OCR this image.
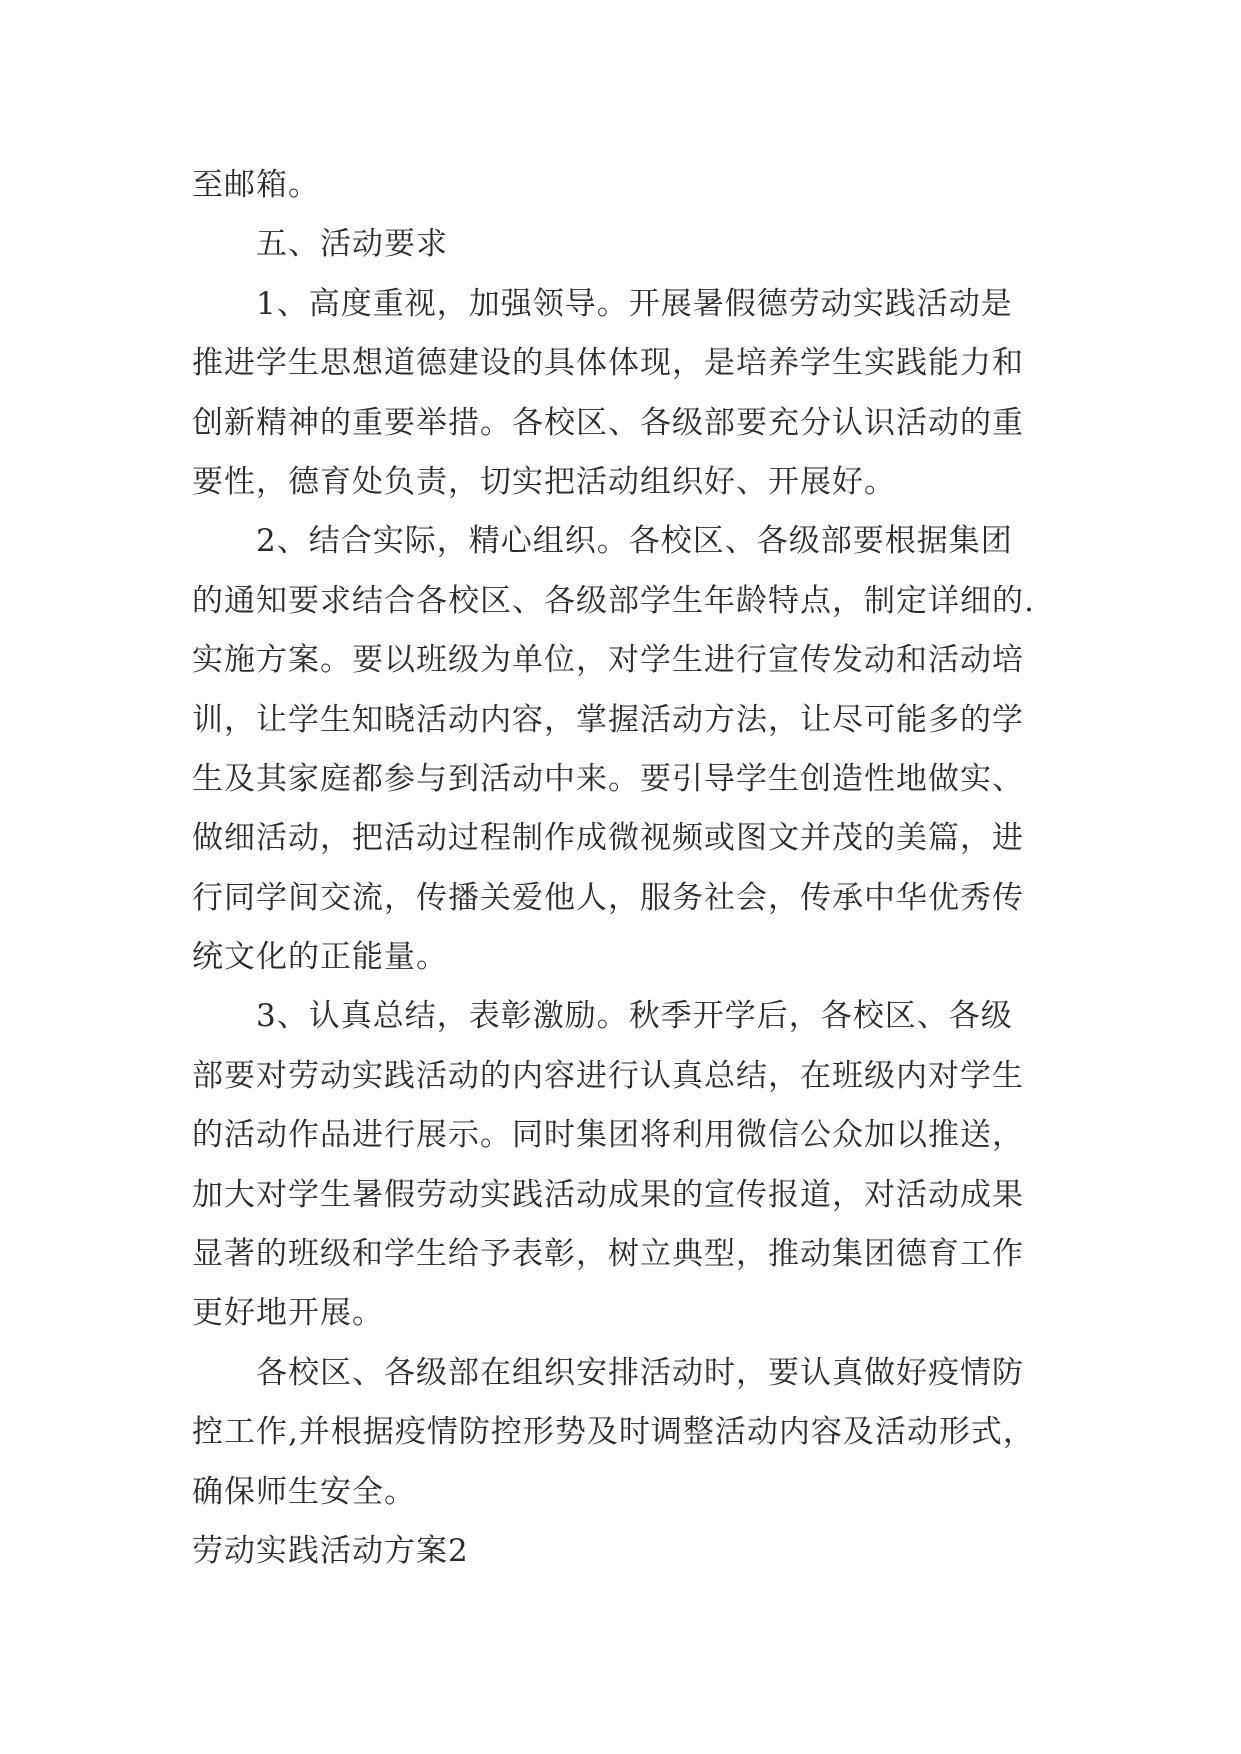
至邮箱。
　　五、活动要求
　　1、高度重视，加强领导。开展暑假德劳动实践活动是
推进学生思想道德建设的具体体现，是培养学生实践能力和
创新精神的重要举措。各校区、各级部要充分认识活动的重
要性，德育处负责，切实把活动组织好、开展好。
　　2、结合实际，精心组织。各校区、各级部要根据集团
的通知要求结合各校区、各级部学生年龄特点，制定详细的.
实施方案。要以班级为单位，对学生进行宣传发动和活动培
训，让学生知晓活动内容，掌握活动方法，让尽可能多的学
生及其家庭都参与到活动中来。要引导学生创造性地做实、
做细活动，把活动过程制作成微视频或图文并茂的美篇，进
行同学间交流，传播关爱他人，服务社会，传承中华优秀传
统文化的正能量。
　　3、认真总结，表彰激励。秋季开学后，各校区、各级
部要对劳动实践活动的内容进行认真总结，在班级内对学生
的活动作品进行展示。同时集团将利用微信公众加以推送，
加大对学生暑假劳动实践活动成果的宣传报道，对活动成果
显著的班级和学生给予表彰，树立典型，推动集团德育工作
更好地开展。
　　各校区、各级部在组织安排活动时，要认真做好疫情防
控工作,并根据疫情防控形势及时调整活动内容及活动形式，
确保师生安全。
劳动实践活动方案2
